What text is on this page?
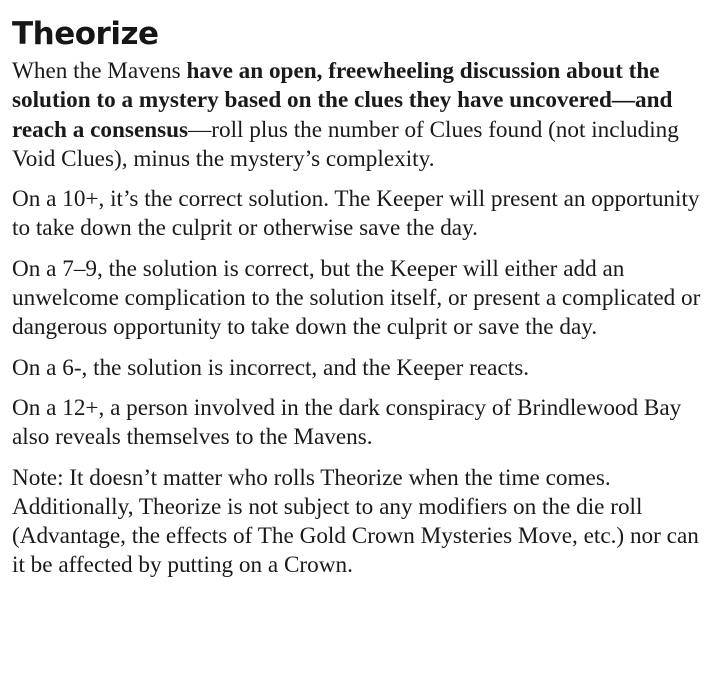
Theorize

When the Mavens have an open, freewheeling discussion about the solution to a mystery based on the clues they have uncovered—and reach a consensus—roll plus the number of Clues found (not including Void Clues), minus the mystery’s complexity.

On a 10+, it’s the correct solution. The Keeper will present an opportunity to take down the culprit or otherwise save the day.

On a 7–9, the solution is correct, but the Keeper will either add an unwelcome complication to the solution itself, or present a complicated or dangerous opportunity to take down the culprit or save the day.

On a 6-, the solution is incorrect, and the Keeper reacts.

On a 12+, a person involved in the dark conspiracy of Brindlewood Bay also reveals themselves to the Mavens.

Note: It doesn’t matter who rolls Theorize when the time comes. Additionally, Theorize is not subject to any modifiers on the die roll (Advantage, the effects of The Gold Crown Mysteries Move, etc.) nor can it be affected by putting on a Crown.
